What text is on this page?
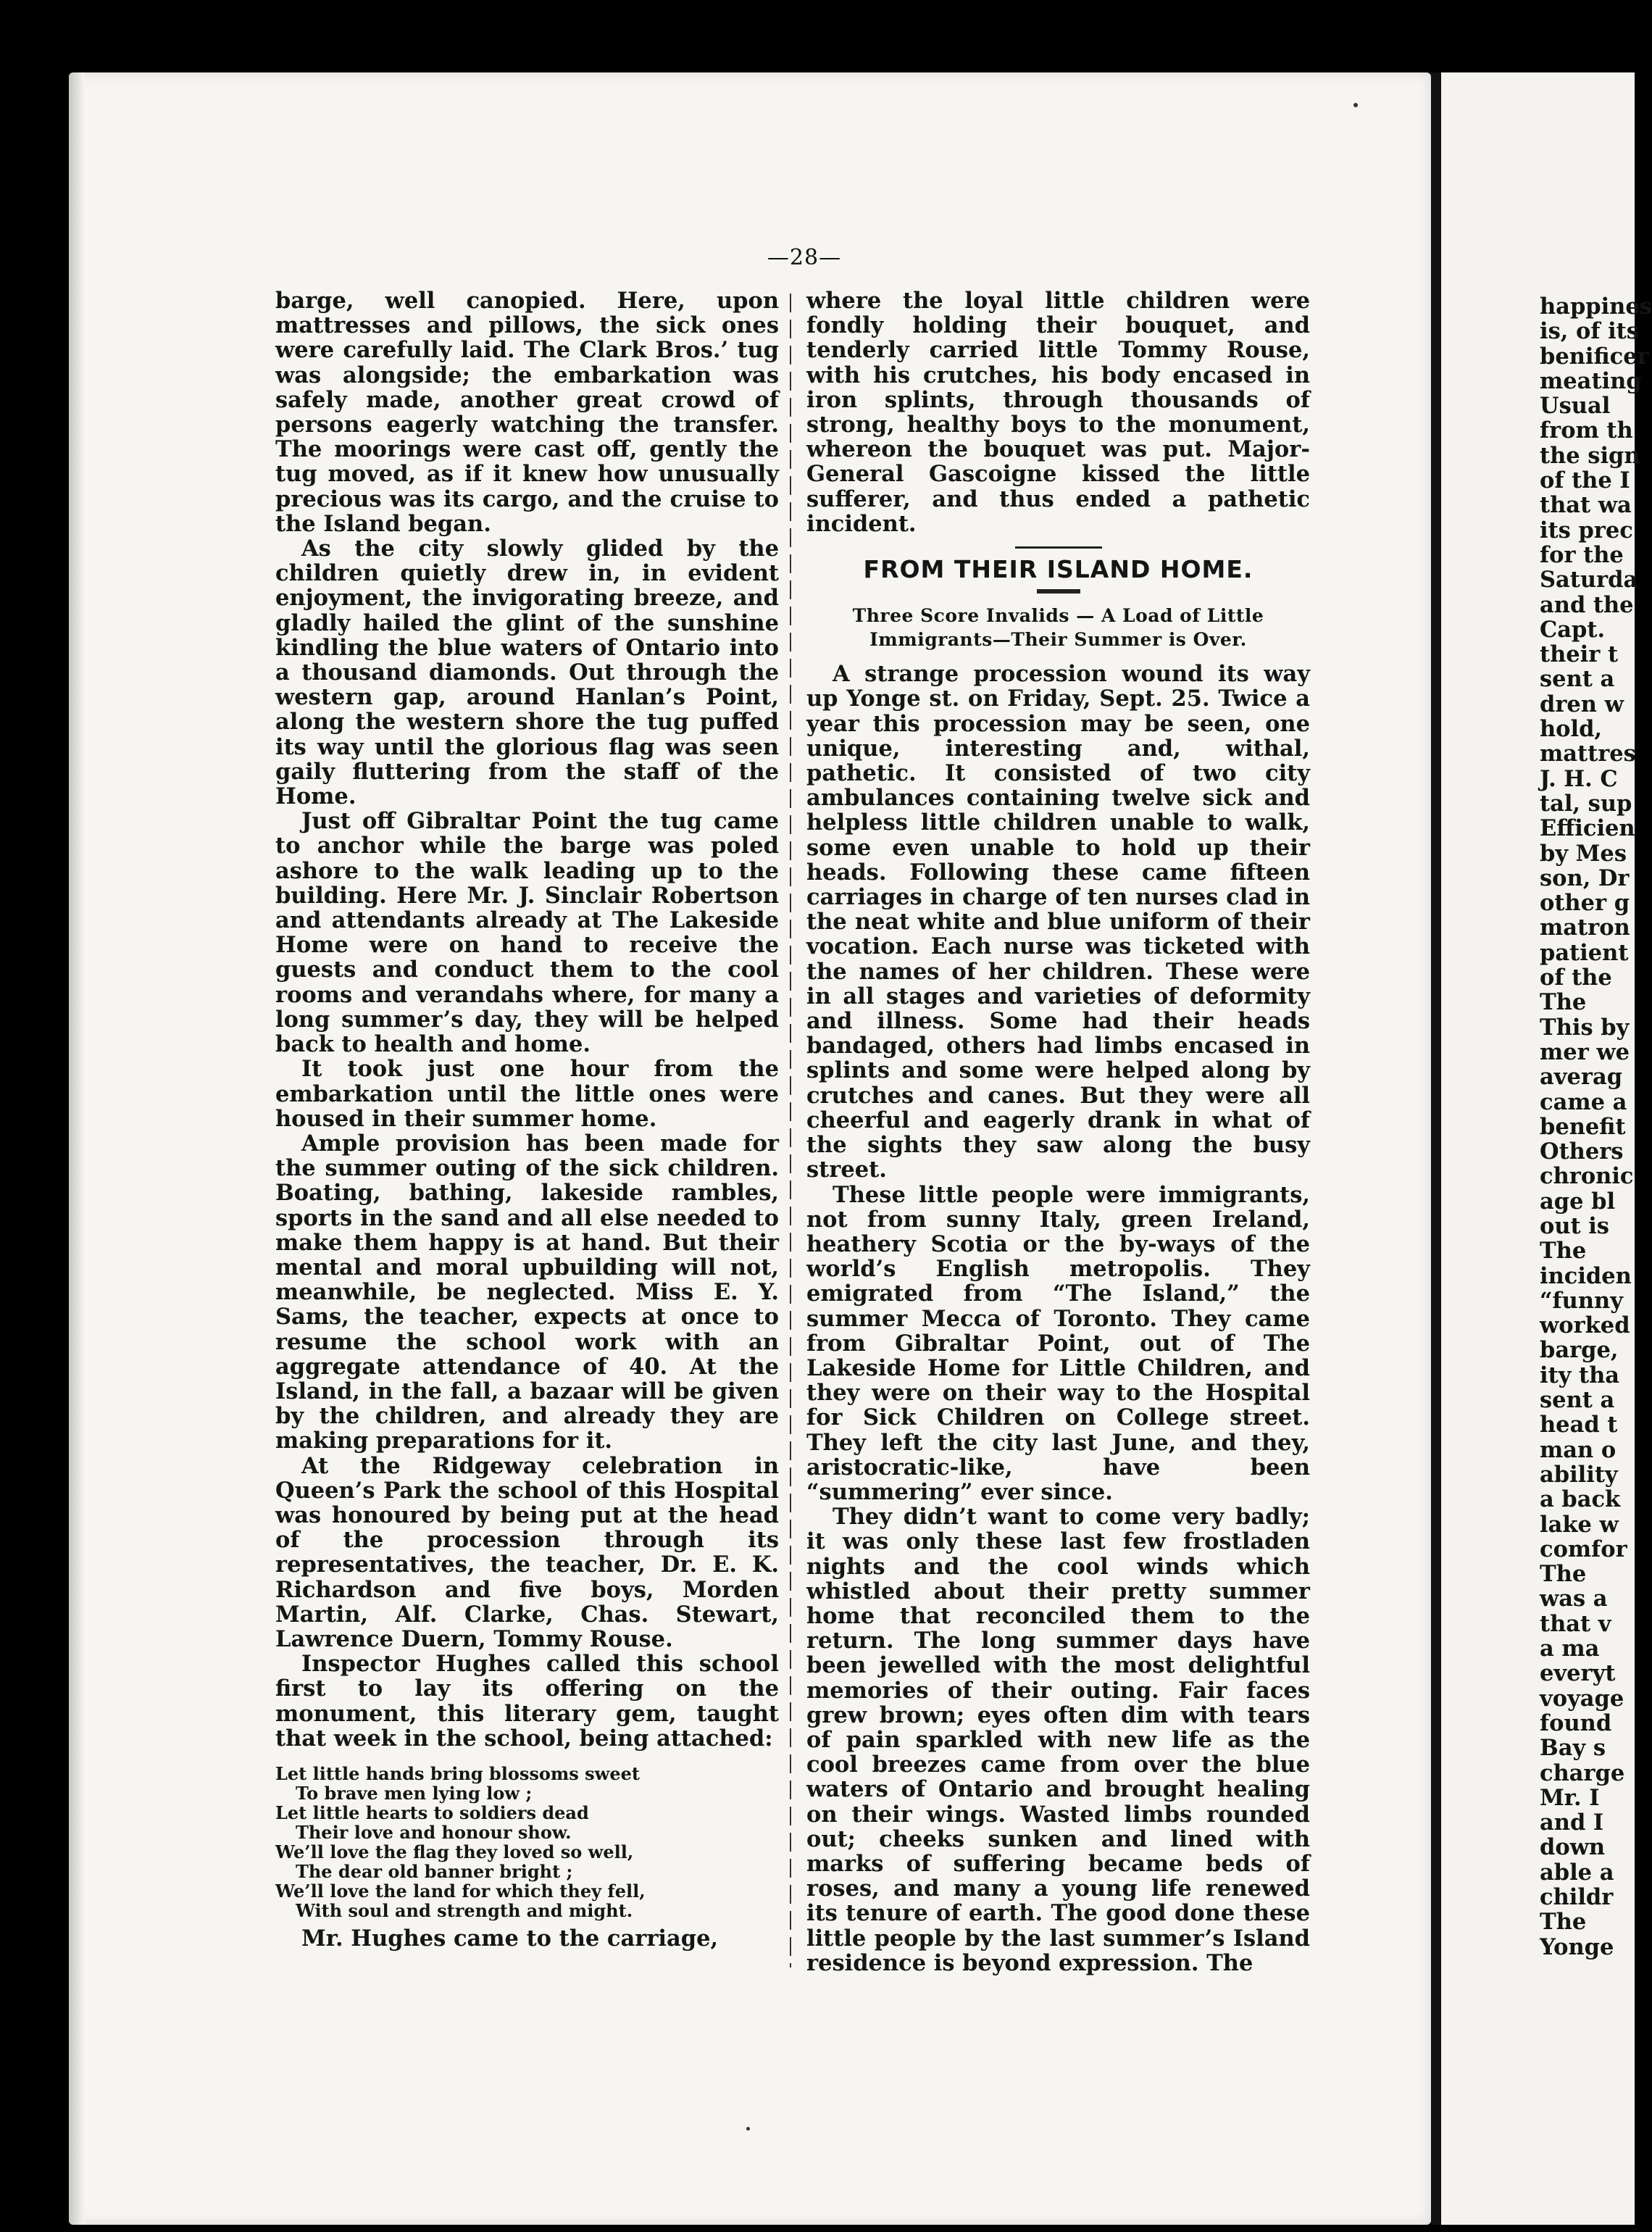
—28—

barge, well canopied. Here, upon mattresses and pillows, the sick ones were carefully laid. The Clark Bros.’ tug was alongside; the embarkation was safely made, another great crowd of persons eagerly watching the transfer. The moorings were cast off, gently the tug moved, as if it knew how unusually precious was its cargo, and the cruise to the Island began.

As the city slowly glided by the children quietly drew in, in evident enjoyment, the invigorating breeze, and gladly hailed the glint of the sunshine kindling the blue waters of Ontario into a thousand diamonds. Out through the western gap, around Hanlan’s Point, along the western shore the tug puffed its way until the glorious flag was seen gaily fluttering from the staff of the Home.

Just off Gibraltar Point the tug came to anchor while the barge was poled ashore to the walk leading up to the building. Here Mr. J. Sinclair Robertson and attendants already at The Lakeside Home were on hand to receive the guests and conduct them to the cool rooms and verandahs where, for many a long summer’s day, they will be helped back to health and home.

It took just one hour from the embarkation until the little ones were housed in their summer home.

Ample provision has been made for the summer outing of the sick children. Boating, bathing, lakeside rambles, sports in the sand and all else needed to make them happy is at hand. But their mental and moral upbuilding will not, meanwhile, be neglected. Miss E. Y. Sams, the teacher, expects at once to resume the school work with an aggregate attendance of 40. At the Island, in the fall, a bazaar will be given by the children, and already they are making preparations for it.

At the Ridgeway celebration in Queen’s Park the school of this Hospital was honoured by being put at the head of the procession through its representatives, the teacher, Dr. E. K. Richardson and five boys, Morden Martin, Alf. Clarke, Chas. Stewart, Lawrence Duern, Tommy Rouse.

Inspector Hughes called this school first to lay its offering on the monument, this literary gem, taught that week in the school, being attached:

Let little hands bring blossoms sweet
To brave men lying low ;
Let little hearts to soldiers dead
Their love and honour show.
We’ll love the flag they loved so well,
The dear old banner bright ;
We’ll love the land for which they fell,
With soul and strength and might.

Mr. Hughes came to the carriage,

where the loyal little children were fondly holding their bouquet, and tenderly carried little Tommy Rouse, with his crutches, his body encased in iron splints, through thousands of strong, healthy boys to the monument, whereon the bouquet was put. Major-General Gascoigne kissed the little sufferer, and thus ended a pathetic incident.

FROM THEIR ISLAND HOME.
Three Score Invalids — A Load of Little
Immigrants—Their Summer is Over.

A strange procession wound its way up Yonge st. on Friday, Sept. 25. Twice a year this procession may be seen, one unique, interesting and, withal, pathetic. It consisted of two city ambulances containing twelve sick and helpless little children unable to walk, some even unable to hold up their heads. Following these came fifteen carriages in charge of ten nurses clad in the neat white and blue uniform of their vocation. Each nurse was ticketed with the names of her children. These were in all stages and varieties of deformity and illness. Some had their heads bandaged, others had limbs encased in splints and some were helped along by crutches and canes. But they were all cheerful and eagerly drank in what of the sights they saw along the busy street.

These little people were immigrants, not from sunny Italy, green Ireland, heathery Scotia or the by-ways of the world’s English metropolis. They emigrated from “The Island,” the summer Mecca of Toronto. They came from Gibraltar Point, out of The Lakeside Home for Little Children, and they were on their way to the Hospital for Sick Children on College street. They left the city last June, and they, aristocratic-like, have been “summering” ever since.

They didn’t want to come very badly; it was only these last few frostladen nights and the cool winds which whistled about their pretty summer home that reconciled them to the return. The long summer days have been jewelled with the most delightful memories of their outing. Fair faces grew brown; eyes often dim with tears of pain sparkled with new life as the cool breezes came from over the blue waters of Ontario and brought healing on their wings. Wasted limbs rounded out; cheeks sunken and lined with marks of suffering became beds of roses, and many a young life renewed its tenure of earth. The good done these little people by the last summer’s Island residence is beyond expression. The

happines
is, of its
benificer
meating
Usual
from th
the sign
of the I
that wa
its prec
for the
Saturda
and the
Capt.
their t
sent a
dren w
hold,
mattres
J. H. C
tal, sup
Efficien
by Mes
son, Dr
other g
matron
patient
of the
The
This by
mer we
averag
came a
benefit
Others
chronic
age bl
out is
The
inciden
“funny
worked
barge,
ity tha
sent a
head t
man o
ability
a back
lake w
comfor
The
was a
that v
a ma
everyt
voyage
found
Bay s
charge
Mr. I
and I
down
able a
childr
The
Yonge
